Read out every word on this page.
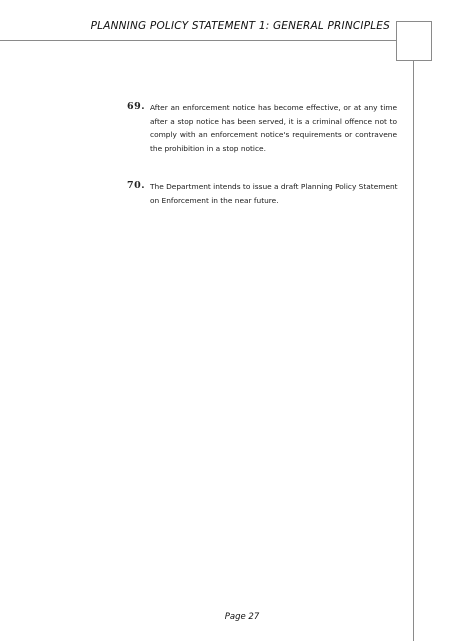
PLANNING POLICY STATEMENT 1: GENERAL PRINCIPLES
69. After an enforcement notice has become effective, or at any time
after a stop notice has been served, it is a criminal offence not to
comply with an enforcement notice's requirements or contravene
the prohibition in a stop notice.
70. The Department intends to issue a draft Planning Policy Statement
on Enforcement in the near future.
Page 27
